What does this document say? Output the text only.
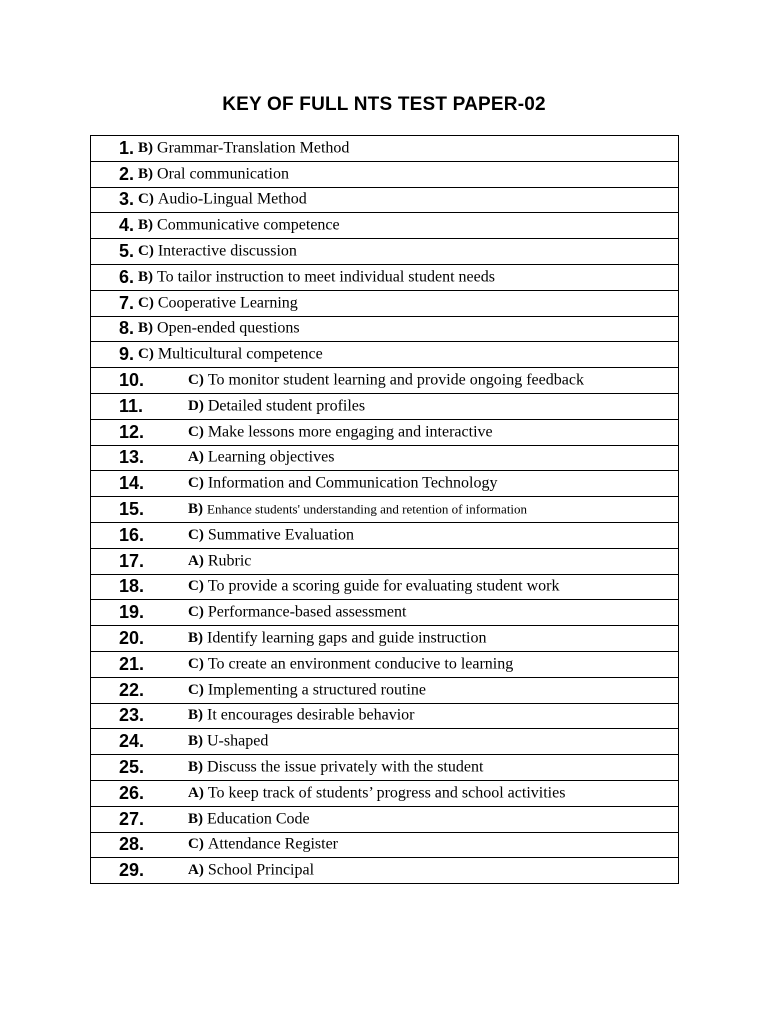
KEY OF FULL NTS TEST PAPER-02
1. B) Grammar-Translation Method
2. B) Oral communication
3. C) Audio-Lingual Method
4. B) Communicative competence
5. C) Interactive discussion
6. B) To tailor instruction to meet individual student needs
7. C) Cooperative Learning
8. B) Open-ended questions
9. C) Multicultural competence
10.	C) To monitor student learning and provide ongoing feedback
11.	D) Detailed student profiles
12.	C) Make lessons more engaging and interactive
13.	A) Learning objectives
14.	C) Information and Communication Technology
15.	B) Enhance students' understanding and retention of information
16.	C) Summative Evaluation
17.	A) Rubric
18.	C) To provide a scoring guide for evaluating student work
19.	C) Performance-based assessment
20.	B) Identify learning gaps and guide instruction
21.	C) To create an environment conducive to learning
22.	C) Implementing a structured routine
23.	B) It encourages desirable behavior
24.	B) U-shaped
25.	B) Discuss the issue privately with the student
26.	A) To keep track of students’ progress and school activities
27.	B) Education Code
28.	C) Attendance Register
29.	A) School Principal
